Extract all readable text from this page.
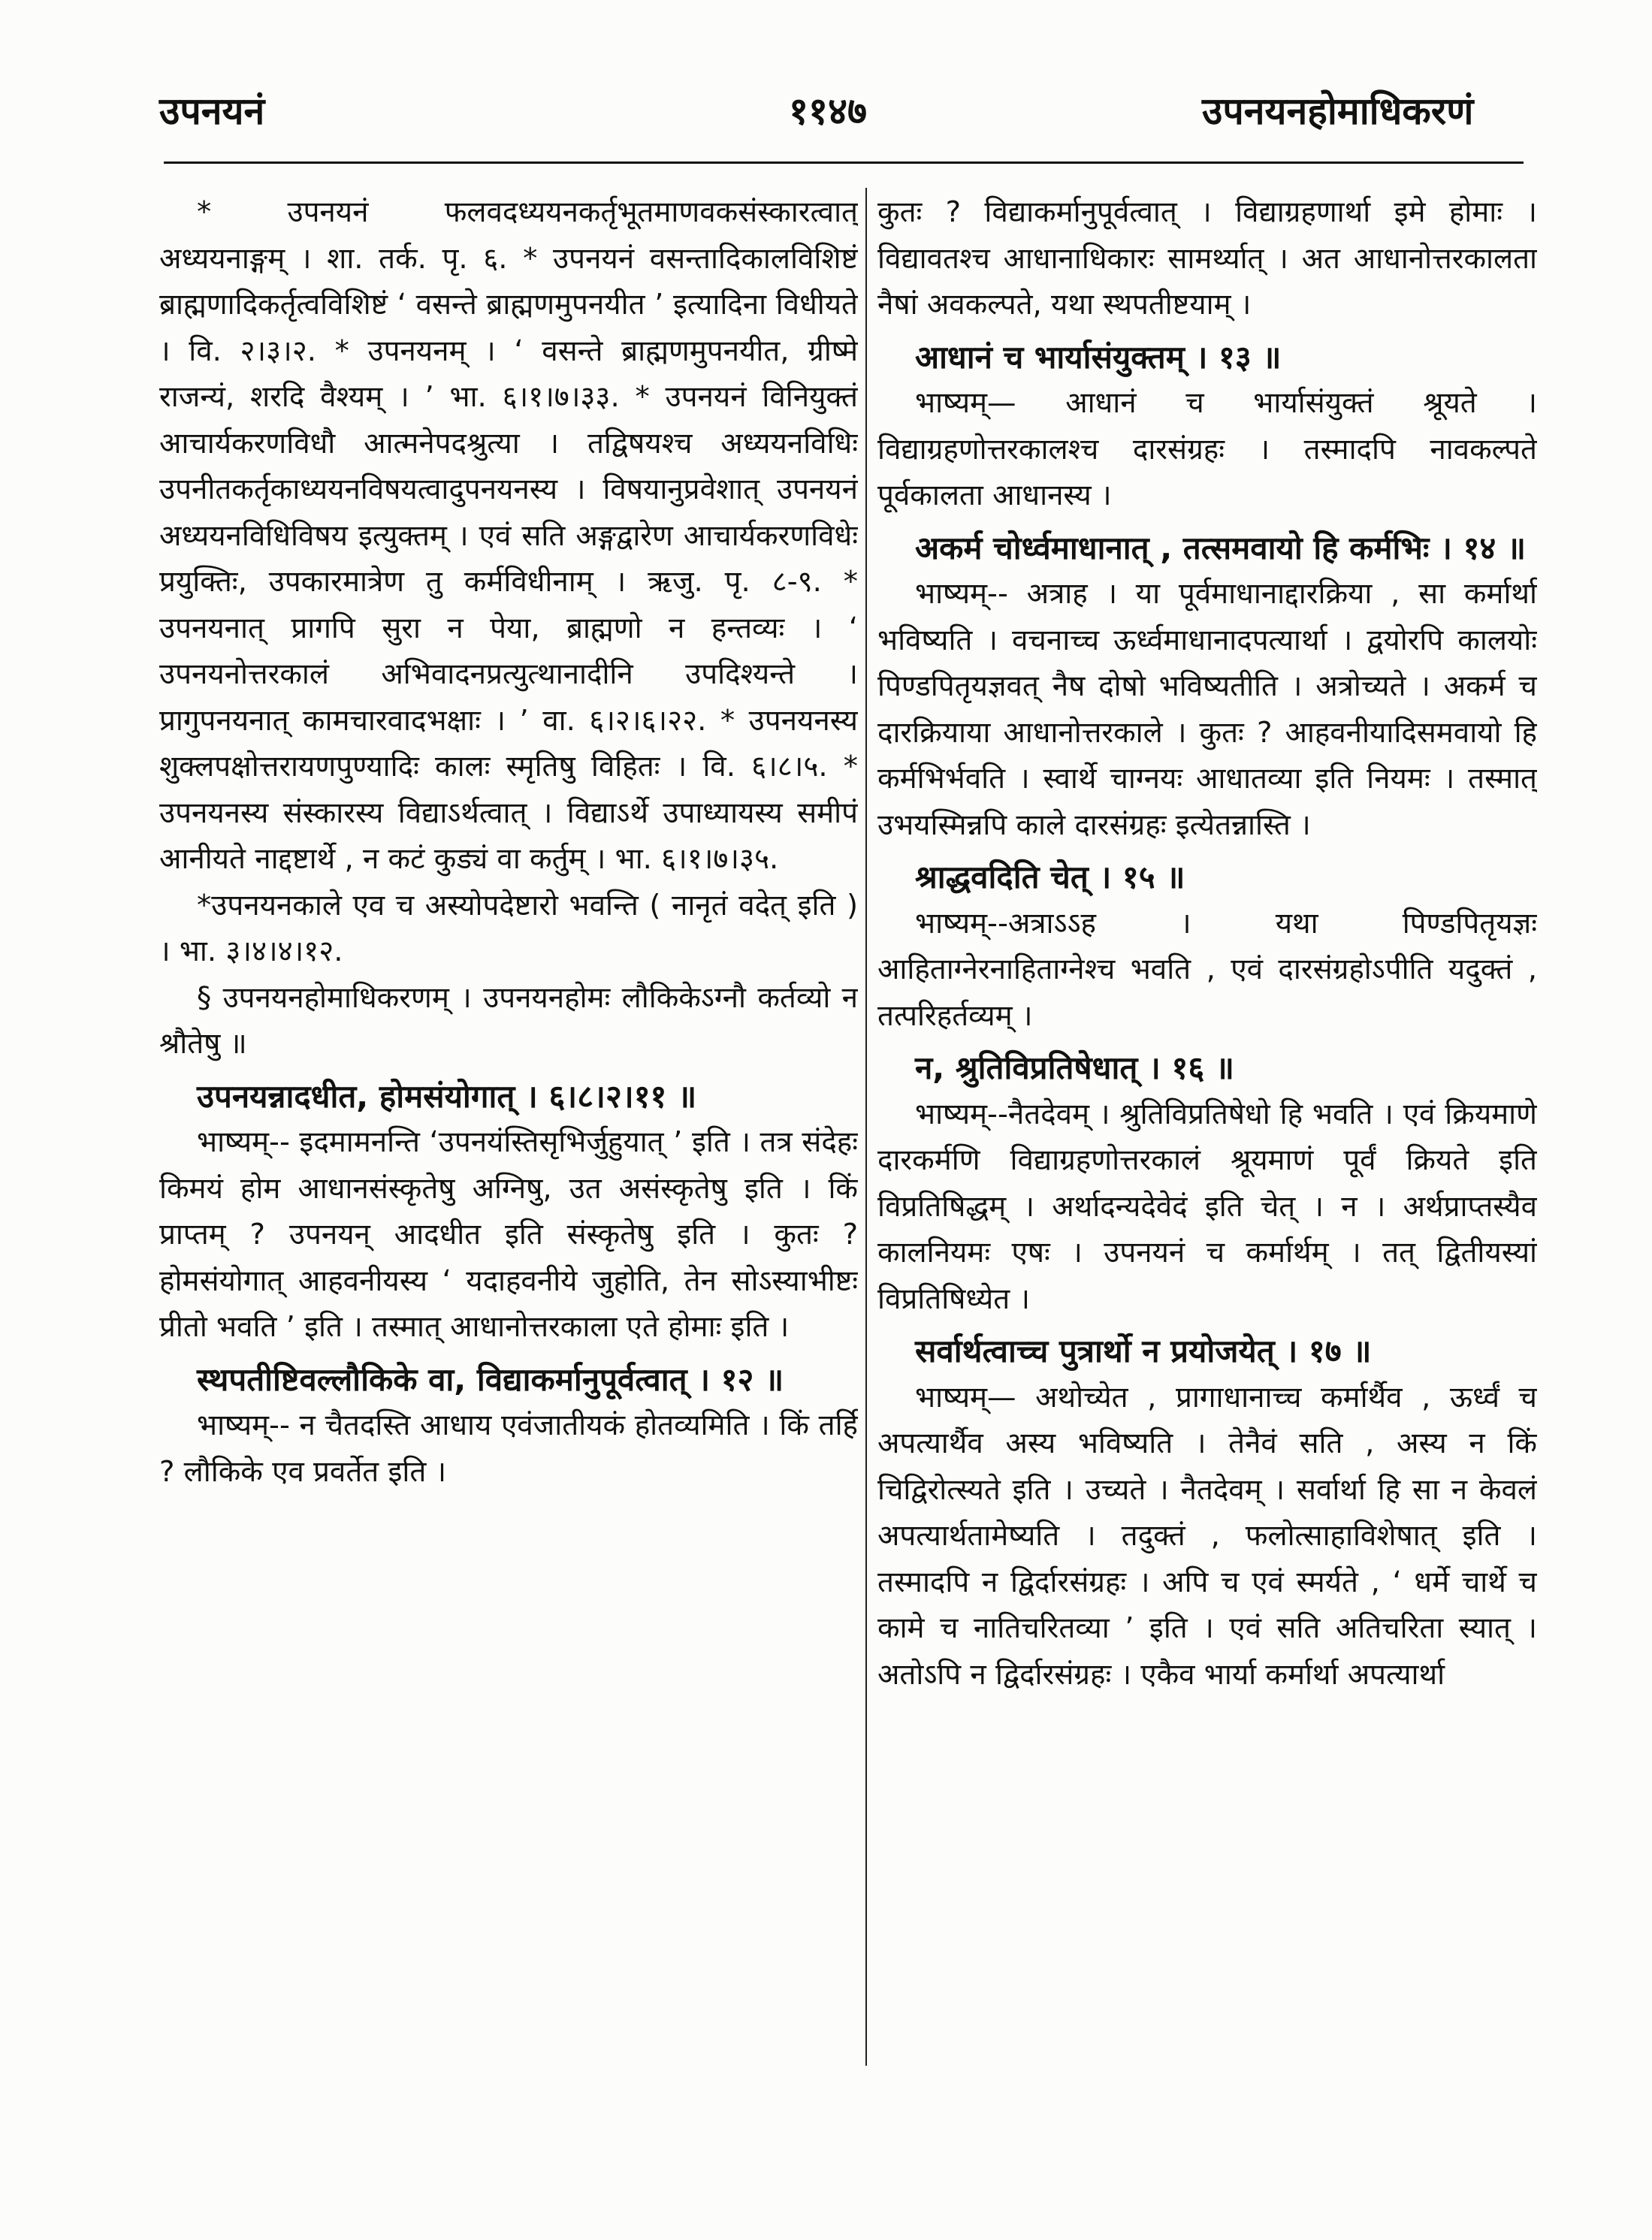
उपनयनं	११४७	उपनयनहोमाधिकरणं

* उपनयनं फलवदध्ययनकर्तृभूतमाणवकसंस्कारत्वात् अध्ययनाङ्गम् । शा. तर्क. पृ. ६. * उपनयनं वसन्तादिकालविशिष्टं ब्राह्मणादिकर्तृत्वविशिष्टं ‘ वसन्ते ब्राह्मणमुपनयीत ’ इत्यादिना विधीयते । वि. २।३।२. * उपनयनम् । ‘ वसन्ते ब्राह्मणमुपनयीत, ग्रीष्मे राजन्यं, शरदि वैश्यम् । ’ भा. ६।१।७।३३. * उपनयनं विनियुक्तं आचार्यकरणविधौ आत्मनेपदश्रुत्या । तद्विषयश्च अध्ययनविधिः उपनीतकर्तृकाध्ययनविषयत्वादुपनयनस्य । विषयानुप्रवेशात् उपनयनं अध्ययनविधिविषय इत्युक्तम् । एवं सति अङ्गद्वारेण आचार्यकरणविधेः प्रयुक्तिः, उपकारमात्रेण तु कर्मविधीनाम् । ऋजु. पृ. ८-९. * उपनयनात् प्रागपि सुरा न पेया, ब्राह्मणो न हन्तव्यः । ‘ उपनयनोत्तरकालं अभिवादनप्रत्युत्थानादीनि उपदिश्यन्ते । प्रागुपनयनात् कामचारवादभक्षाः । ’ वा. ६।२।६।२२. * उपनयनस्य शुक्लपक्षोत्तरायणपुण्यादिः कालः स्मृतिषु विहितः । वि. ६।८।५. * उपनयनस्य संस्कारस्य विद्याऽर्थत्वात् । विद्याऽर्थे उपाध्यायस्य समीपं आनीयते नाद्दष्टार्थे , न कटं कुड्यं वा कर्तुम् । भा. ६।१।७।३५.

*उपनयनकाले एव च अस्योपदेष्टारो भवन्ति ( नानृतं वदेत् इति ) । भा. ३।४।४।१२.

§ उपनयनहोमाधिकरणम् । उपनयनहोमः लौकिकेऽग्नौ कर्तव्यो न श्रौतेषु ॥

उपनयन्नादधीत, होमसंयोगात् । ६।८।२।११ ॥

भाष्यम्-- इदमामनन्ति ‘उपनयंस्तिसृभिर्जुहुयात् ’ इति । तत्र संदेहः किमयं होम आधानसंस्कृतेषु अग्निषु, उत असंस्कृतेषु इति । किं प्राप्तम् ? उपनयन् आदधीत इति संस्कृतेषु इति । कुतः ? होमसंयोगात् आहवनीयस्य ‘ यदाहवनीये जुहोति, तेन सोऽस्याभीष्टः प्रीतो भवति ’ इति । तस्मात् आधानोत्तरकाला एते होमाः इति ।

स्थपतीष्टिवल्लौकिके वा, विद्याकर्मानुपूर्वत्वात् । १२ ॥

भाष्यम्-- न चैतदस्ति आधाय एवंजातीयकं होतव्यमिति । किं तर्हि ? लौकिके एव प्रवर्तेत इति ।

कुतः ? विद्याकर्मानुपूर्वत्वात् । विद्याग्रहणार्था इमे होमाः । विद्यावतश्च आधानाधिकारः सामर्थ्यात् । अत आधानोत्तरकालता नैषां अवकल्पते, यथा स्थपतीष्टयाम् ।

आधानं च भार्यासंयुक्तम् । १३ ॥

भाष्यम्— आधानं च भार्यासंयुक्तं श्रूयते । विद्याग्रहणोत्तरकालश्च दारसंग्रहः । तस्मादपि नावकल्पते पूर्वकालता आधानस्य ।

अकर्म चोर्ध्वमाधानात् , तत्समवायो हि कर्मभिः । १४ ॥

भाष्यम्-- अत्राह । या पूर्वमाधानाद्दारक्रिया , सा कर्मार्था भविष्यति । वचनाच्च ऊर्ध्वमाधानादपत्यार्था । द्वयोरपि कालयोः पिण्डपितृयज्ञवत् नैष दोषो भविष्यतीति । अत्रोच्यते । अकर्म च दारक्रियाया आधानोत्तरकाले । कुतः ? आहवनीयादिसमवायो हि कर्मभिर्भवति । स्वार्थे चाग्नयः आधातव्या इति नियमः । तस्मात् उभयस्मिन्नपि काले दारसंग्रहः इत्येतन्नास्ति ।

श्राद्धवदिति चेत् । १५ ॥

भाष्यम्--अत्राऽऽह । यथा पिण्डपितृयज्ञः आहिताग्नेरनाहिताग्नेश्च भवति , एवं दारसंग्रहोऽपीति यदुक्तं , तत्परिहर्तव्यम् ।

न, श्रुतिविप्रतिषेधात् । १६ ॥

भाष्यम्--नैतदेवम् । श्रुतिविप्रतिषेधो हि भवति । एवं क्रियमाणे दारकर्मणि विद्याग्रहणोत्तरकालं श्रूयमाणं पूर्वं क्रियते इति विप्रतिषिद्धम् । अर्थादन्यदेवेदं इति चेत् । न । अर्थप्राप्तस्यैव कालनियमः एषः । उपनयनं च कर्मार्थम् । तत् द्वितीयस्यां विप्रतिषिध्येत ।

सर्वार्थत्वाच्च पुत्रार्थो न प्रयोजयेत् । १७ ॥

भाष्यम्— अथोच्येत , प्रागाधानाच्च कर्मार्थैव , ऊर्ध्वं च अपत्यार्थैव अस्य भविष्यति । तेनैवं सति , अस्य न किं चिद्विरोत्स्यते इति । उच्यते । नैतदेवम् । सर्वार्था हि सा न केवलं अपत्यार्थतामेष्यति । तदुक्तं , फलोत्साहाविशेषात् इति । तस्मादपि न द्विर्दारसंग्रहः । अपि च एवं स्मर्यते , ‘ धर्मे चार्थे च कामे च नातिचरितव्या ’ इति । एवं सति अतिचरिता स्यात् । अतोऽपि न द्विर्दारसंग्रहः । एकैव भार्या कर्मार्था अपत्यार्था
